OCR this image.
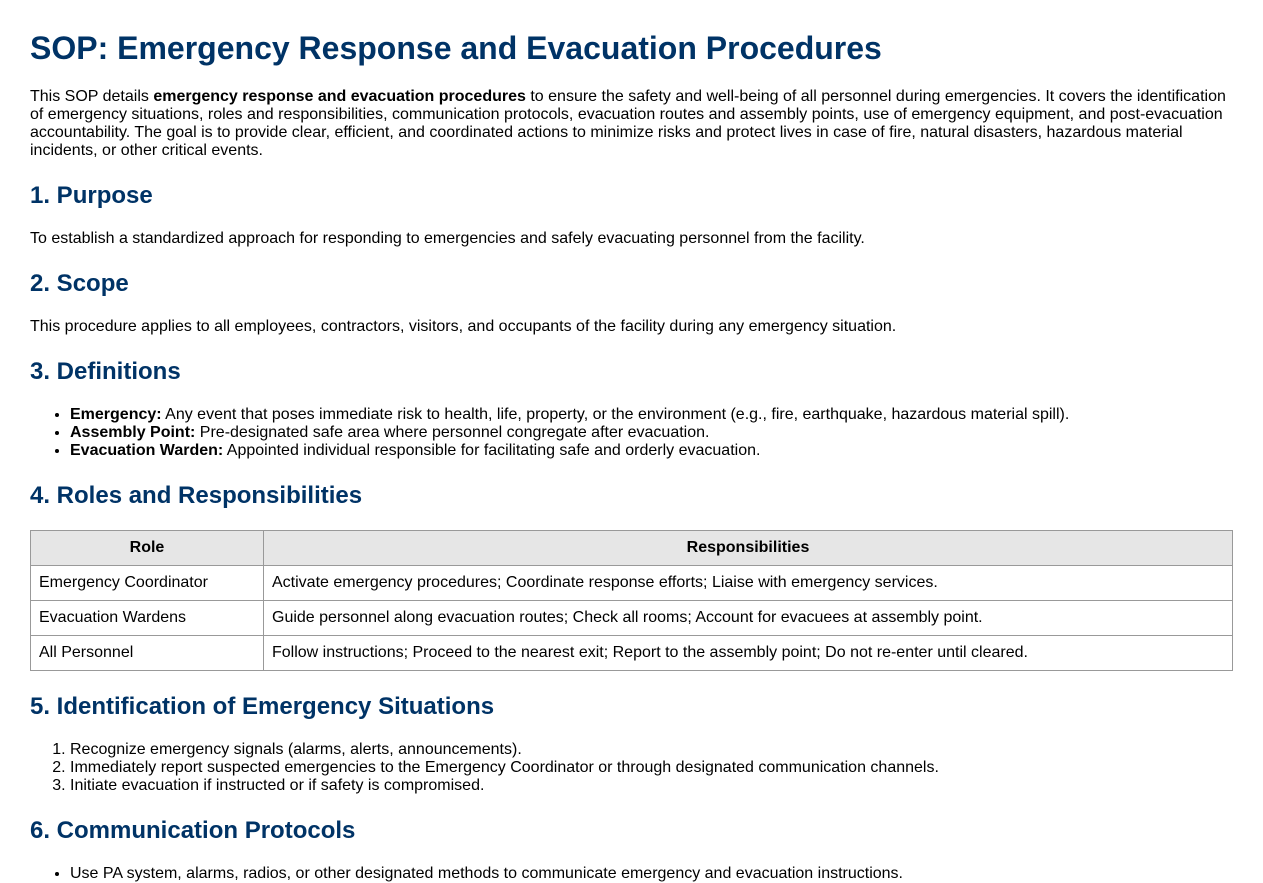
SOP: Emergency Response and Evacuation Procedures

This SOP details emergency response and evacuation procedures to ensure the safety and well-being of all personnel during emergencies. It covers the identification of emergency situations, roles and responsibilities, communication protocols, evacuation routes and assembly points, use of emergency equipment, and post-evacuation accountability. The goal is to provide clear, efficient, and coordinated actions to minimize risks and protect lives in case of fire, natural disasters, hazardous material incidents, or other critical events.

1. Purpose

To establish a standardized approach for responding to emergencies and safely evacuating personnel from the facility.

2. Scope

This procedure applies to all employees, contractors, visitors, and occupants of the facility during any emergency situation.

3. Definitions
• Emergency: Any event that poses immediate risk to health, life, property, or the environment (e.g., fire, earthquake, hazardous material spill).
• Assembly Point: Pre-designated safe area where personnel congregate after evacuation.
• Evacuation Warden: Appointed individual responsible for facilitating safe and orderly evacuation.
4. Roles and Responsibilities
Role	Responsibilities
Emergency Coordinator	Activate emergency procedures; Coordinate response efforts; Liaise with emergency services.
Evacuation Wardens	Guide personnel along evacuation routes; Check all rooms; Account for evacuees at assembly point.
All Personnel	Follow instructions; Proceed to the nearest exit; Report to the assembly point; Do not re-enter until cleared.
5. Identification of Emergency Situations
1. Recognize emergency signals (alarms, alerts, announcements).
2. Immediately report suspected emergencies to the Emergency Coordinator or through designated communication channels.
3. Initiate evacuation if instructed or if safety is compromised.
6. Communication Protocols
• Use PA system, alarms, radios, or other designated methods to communicate emergency and evacuation instructions.
